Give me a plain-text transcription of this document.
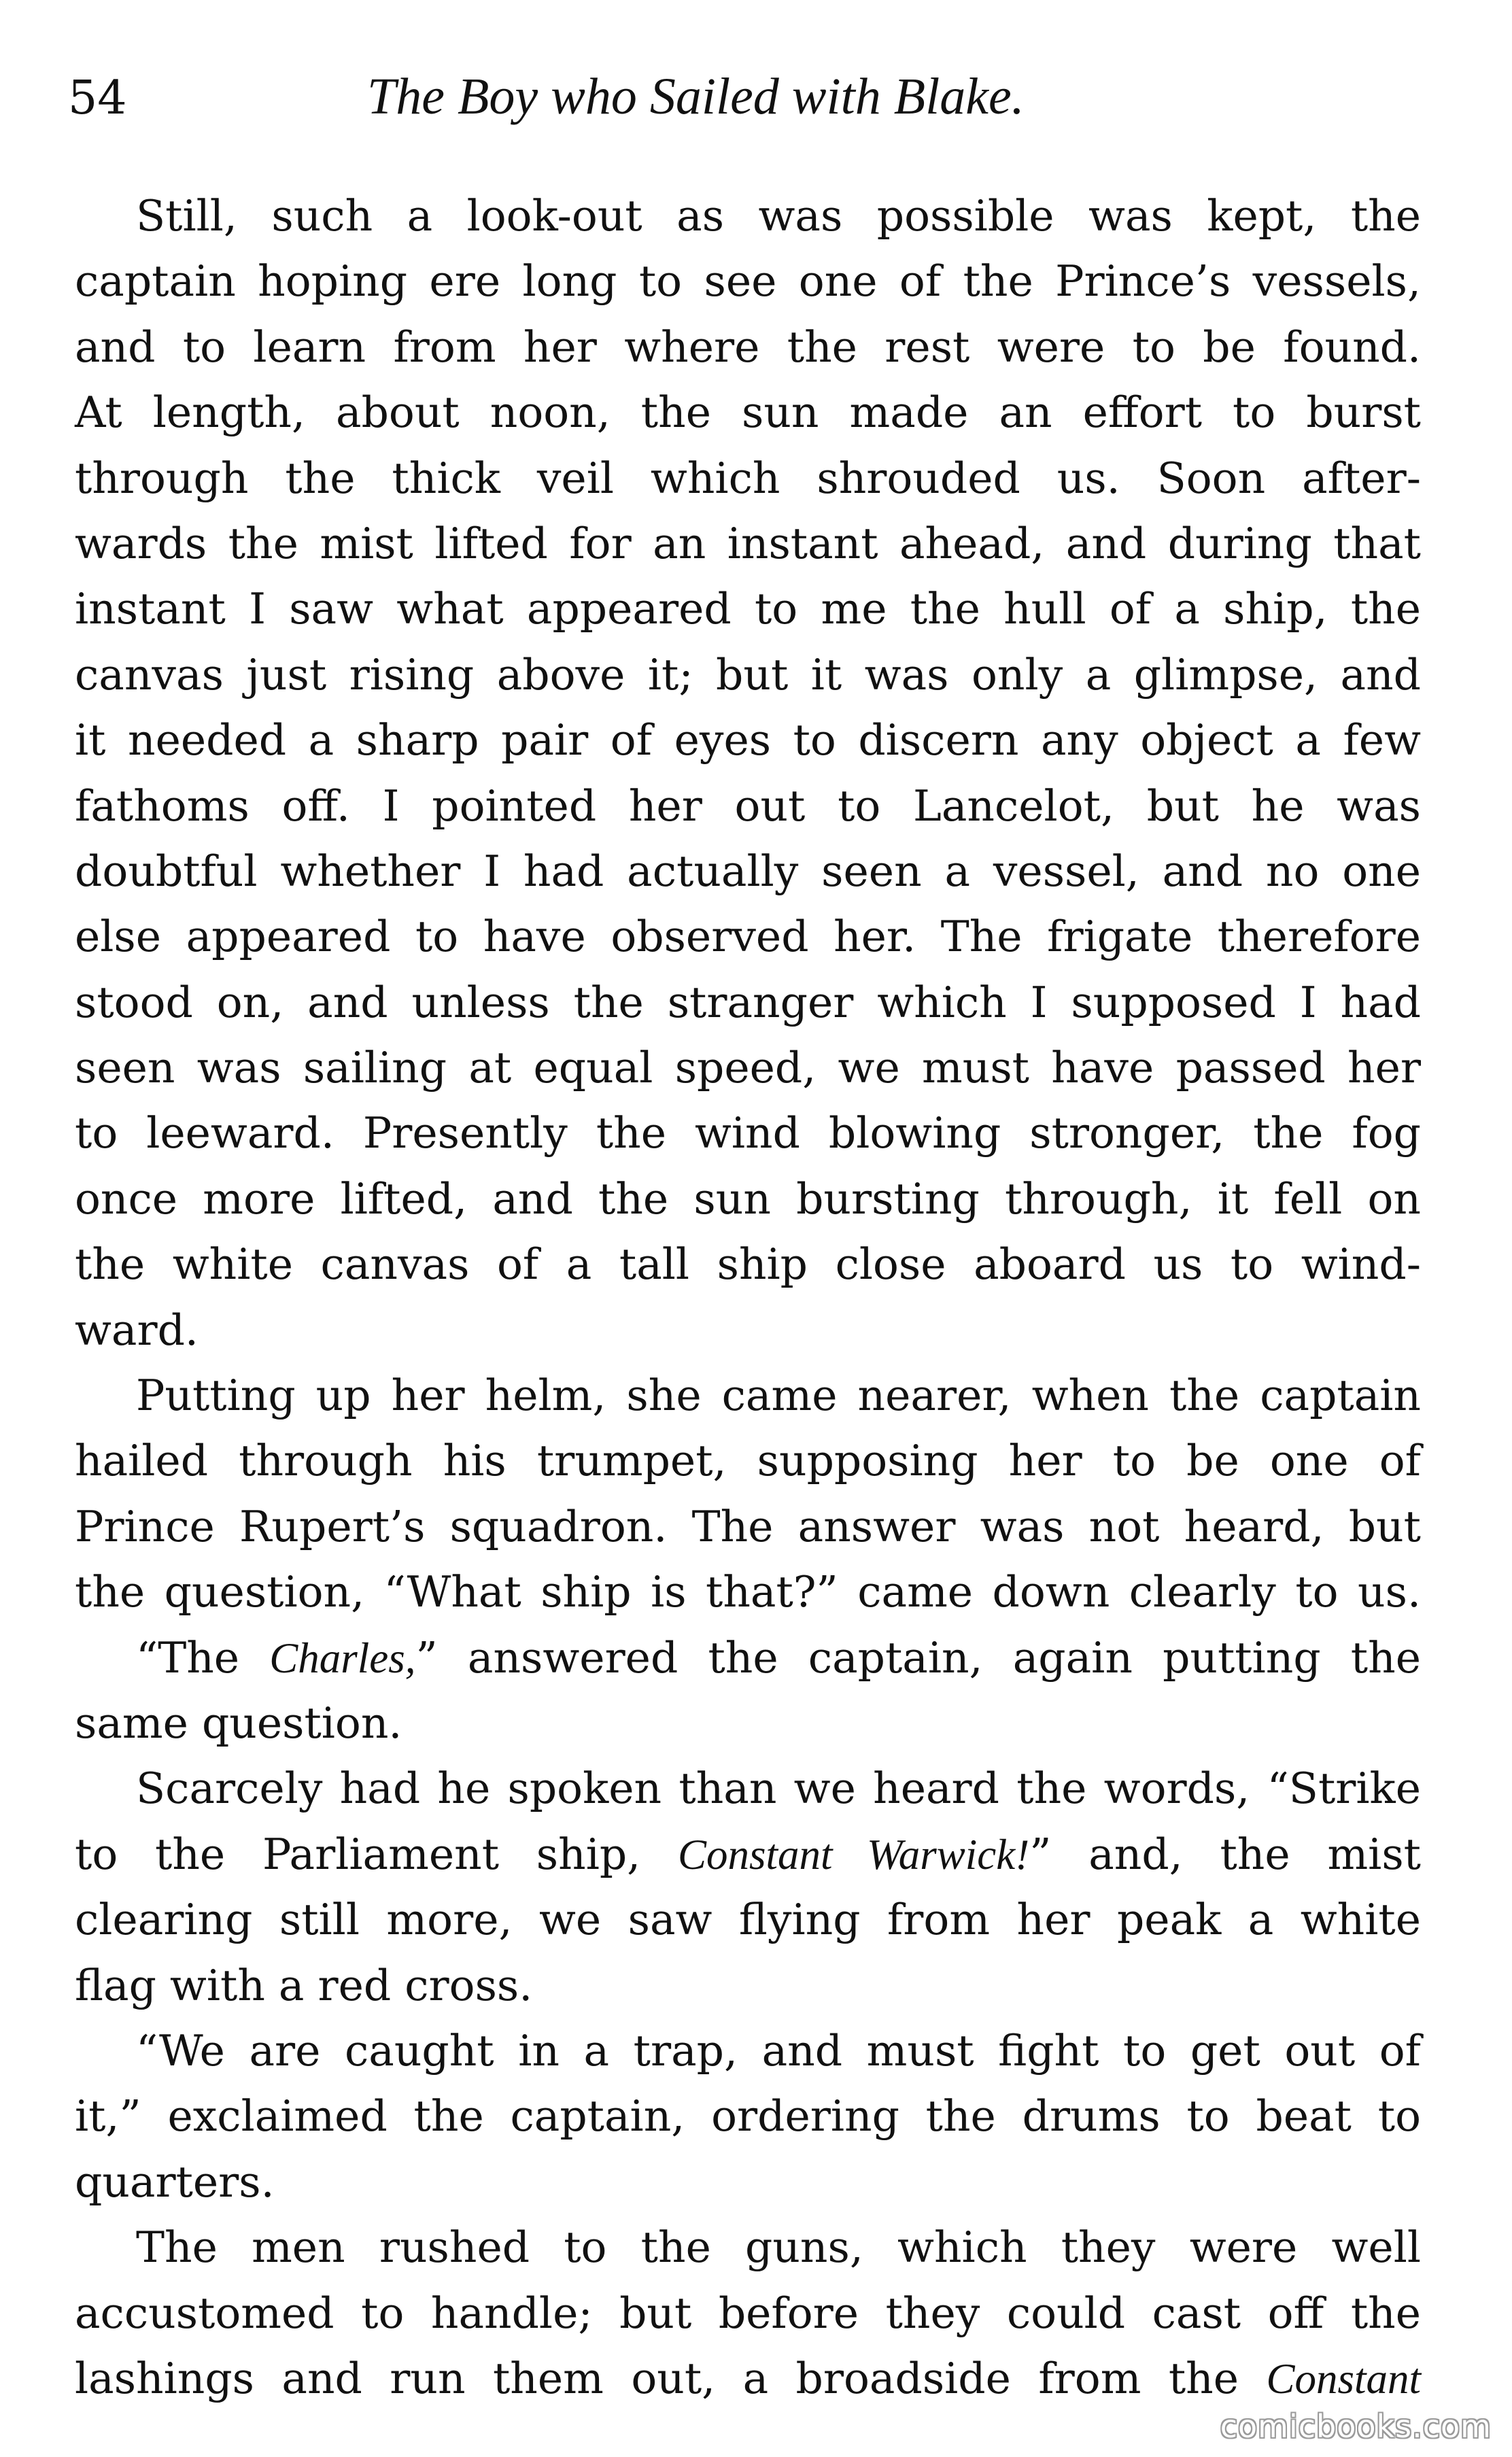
54	The Boy who Sailed with Blake.
Still, such a look-out as was possible was kept, the
captain hoping ere long to see one of the Prince’s vessels,
and to learn from her where the rest were to be found.
At length, about noon, the sun made an effort to burst
through the thick veil which shrouded us. Soon after-
wards the mist lifted for an instant ahead, and during that
instant I saw what appeared to me the hull of a ship, the
canvas just rising above it; but it was only a glimpse, and
it needed a sharp pair of eyes to discern any object a few
fathoms off. I pointed her out to Lancelot, but he was
doubtful whether I had actually seen a vessel, and no one
else appeared to have observed her. The frigate therefore
stood on, and unless the stranger which I supposed I had
seen was sailing at equal speed, we must have passed her
to leeward. Presently the wind blowing stronger, the fog
once more lifted, and the sun bursting through, it fell on
the white canvas of a tall ship close aboard us to wind-
ward.
Putting up her helm, she came nearer, when the captain
hailed through his trumpet, supposing her to be one of
Prince Rupert’s squadron. The answer was not heard, but
the question, “What ship is that?” came down clearly to us.
“The Charles,” answered the captain, again putting the
same question.
Scarcely had he spoken than we heard the words, “Strike
to the Parliament ship, Constant Warwick!” and, the mist
clearing still more, we saw flying from her peak a white
flag with a red cross.
“We are caught in a trap, and must fight to get out of
it,” exclaimed the captain, ordering the drums to beat to
quarters.
The men rushed to the guns, which they were well
accustomed to handle; but before they could cast off the
lashings and run them out, a broadside from the Constant
comicbooks.com
